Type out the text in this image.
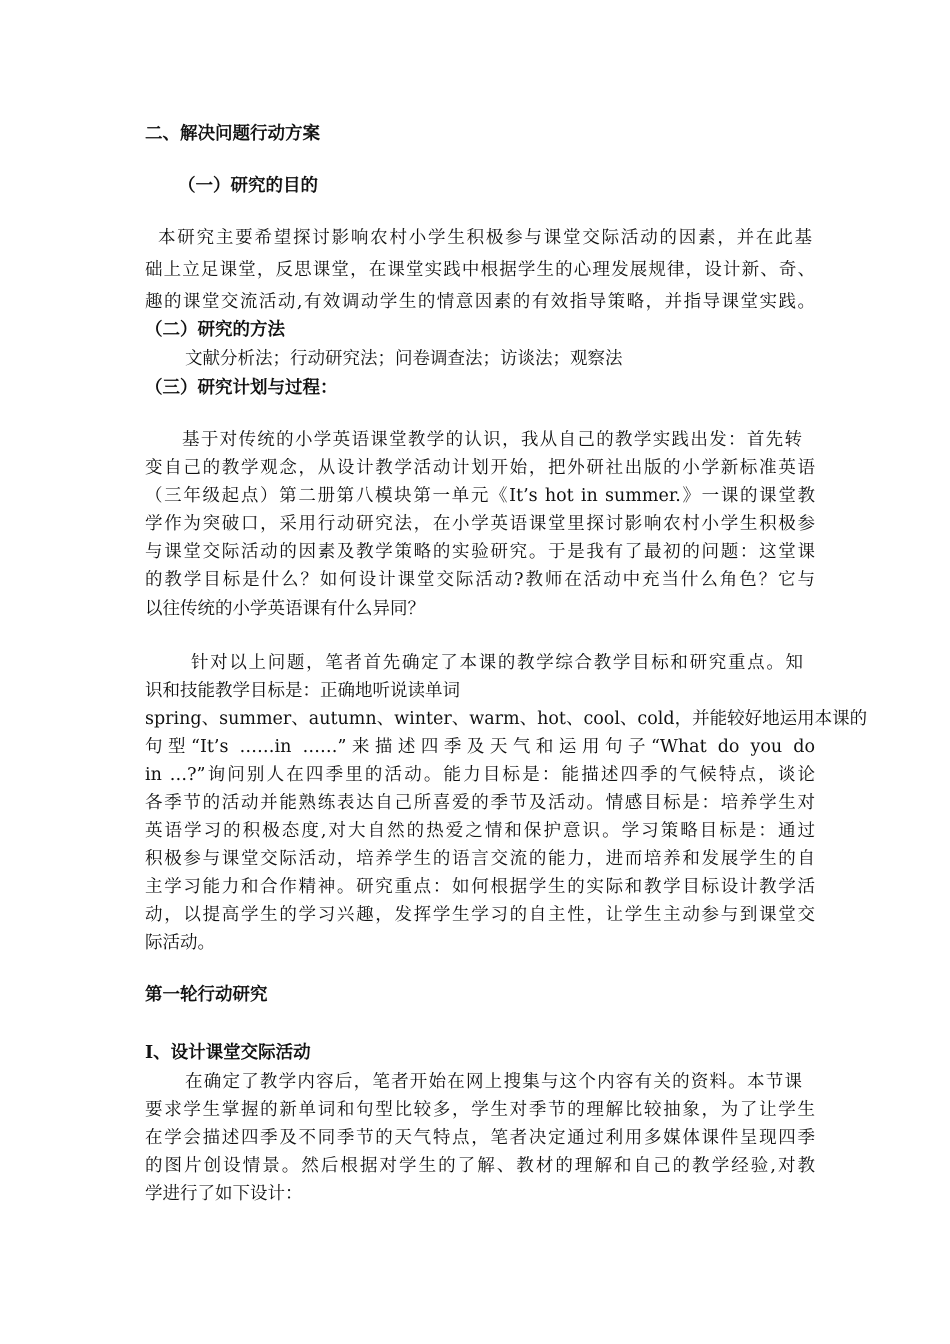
二、解决问题行动方案
（一）研究的目的
本研究主要希望探讨影响农村小学生积极参与课堂交际活动的因素，并在此基
础上立足课堂，反思课堂，在课堂实践中根据学生的心理发展规律，设计新、奇、
趣的课堂交流活动,有效调动学生的情意因素的有效指导策略，并指导课堂实践。
（二）研究的方法
文献分析法；行动研究法；问卷调查法；访谈法；观察法
（三）研究计划与过程：
基于对传统的小学英语课堂教学的认识，我从自己的教学实践出发：首先转
变自己的教学观念，从设计教学活动计划开始，把外研社出版的小学新标准英语
（三年级起点）第二册第八模块第一单元《It’s hot in summer.》一课的课堂教
学作为突破口，采用行动研究法，在小学英语课堂里探讨影响农村小学生积极参
与课堂交际活动的因素及教学策略的实验研究。于是我有了最初的问题：这堂课
的教学目标是什么？如何设计课堂交际活动?教师在活动中充当什么角色？它与
以往传统的小学英语课有什么异同？
针对以上问题，笔者首先确定了本课的教学综合教学目标和研究重点。知
识和技能教学目标是：正确地听说读单词
spring、summer、autumn、winter、warm、hot、cool、cold，并能较好地运用本课的
句型“It’s ……in ……”来描述四季及天气和运用句子“What do you do
in …?”询问别人在四季里的活动。能力目标是：能描述四季的气候特点，谈论
各季节的活动并能熟练表达自己所喜爱的季节及活动。情感目标是：培养学生对
英语学习的积极态度,对大自然的热爱之情和保护意识。学习策略目标是：通过
积极参与课堂交际活动，培养学生的语言交流的能力，进而培养和发展学生的自
主学习能力和合作精神。研究重点：如何根据学生的实际和教学目标设计教学活
动，以提高学生的学习兴趣，发挥学生学习的自主性，让学生主动参与到课堂交
际活动。
第一轮行动研究
Ⅰ、设计课堂交际活动
在确定了教学内容后，笔者开始在网上搜集与这个内容有关的资料。本节课
要求学生掌握的新单词和句型比较多，学生对季节的理解比较抽象，为了让学生
在学会描述四季及不同季节的天气特点，笔者决定通过利用多媒体课件呈现四季
的图片创设情景。然后根据对学生的了解、教材的理解和自己的教学经验,对教
学进行了如下设计：
